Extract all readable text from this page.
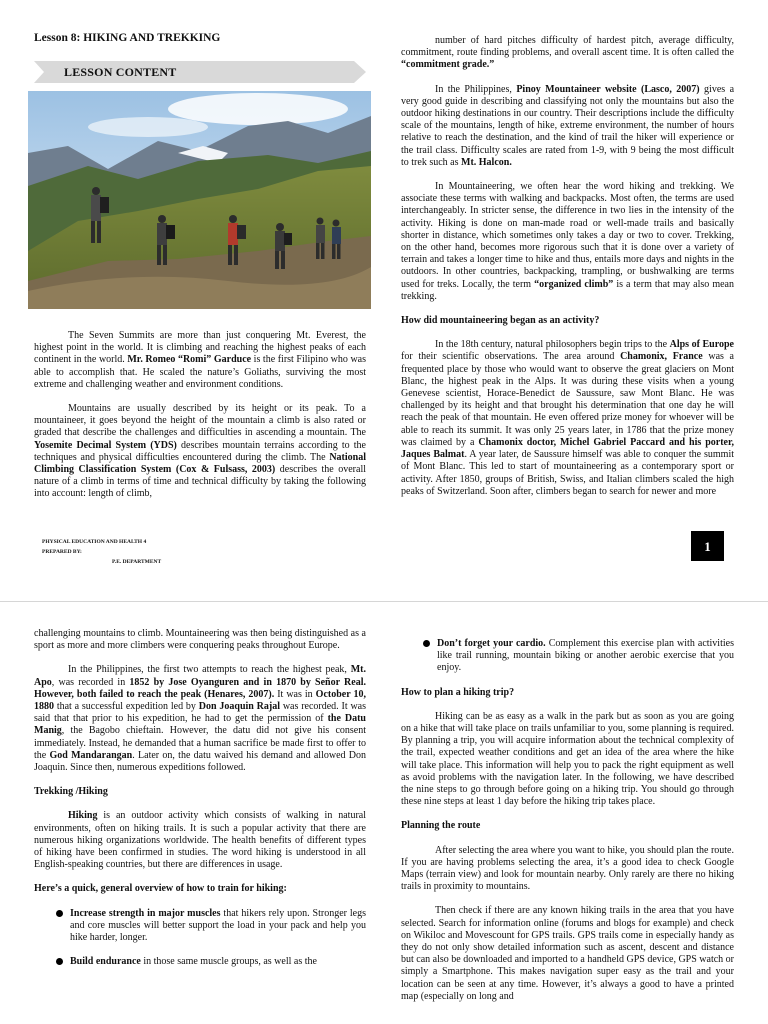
Lesson 8: HIKING AND TREKKING
LESSON CONTENT

The Seven Summits are more than just conquering Mt. Everest, the highest point in the world. It is climbing and reaching the highest peaks of each continent in the world. Mr. Romeo “Romi” Garduce is the first Filipino who was able to accomplish that. He scaled the nature’s Goliaths, surviving the most extreme and challenging weather and environment conditions.

Mountains are usually described by its height or its peak. To a mountaineer, it goes beyond the height of the mountain a climb is also rated or graded that describe the challenges and difficulties in ascending a mountain. The Yosemite Decimal System (YDS) describes mountain terrains according to the techniques and physical difficulties encountered during the climb. The National Climbing Classification System (Cox & Fulsass, 2003) describes the overall nature of a climb in terms of time and technical difficulty by taking the following into account: length of climb,

number of hard pitches difficulty of hardest pitch, average difficulty, commitment, route finding problems, and overall ascent time. It is often called the “commitment grade.”

In the Philippines, Pinoy Mountaineer website (Lasco, 2007) gives a very good guide in describing and classifying not only the mountains but also the outdoor hiking destinations in our country. Their descriptions include the difficulty scale of the mountains, length of hike, extreme environment, the number of hours relative to reach the destination, and the kind of trail the hiker will experience or the trail class. Difficulty scales are rated from 1-9, with 9 being the most difficult to trek such as Mt. Halcon.

In Mountaineering, we often hear the word hiking and trekking. We associate these terms with walking and backpacks. Most often, the terms are used interchangeably. In stricter sense, the difference in two lies in the intensity of the activity. Hiking is done on man-made road or well-made trails and basically shorter in distance, which sometimes only takes a day or two to cover. Trekking, on the other hand, becomes more rigorous such that it is done over a variety of terrain and takes a longer time to hike and thus, entails more days and nights in the outdoors. In other countries, backpacking, trampling, or bushwalking are terms used for treks. Locally, the term “organized climb” is a term that may also mean trekking.

How did mountaineering began as an activity?

In the 18th century, natural philosophers begin trips to the Alps of Europe for their scientific observations. The area around Chamonix, France was a frequented place by those who would want to observe the great glaciers on Mont Blanc, the highest peak in the Alps. It was during these visits when a young Genevese scientist, Horace-Benedict de Saussure, saw Mont Blanc. He was challenged by its height and that brought his determination that one day he will reach the peak of that mountain. He even offered prize money for whoever will be able to reach its summit. It was only 25 years later, in 1786 that the prize money was claimed by a Chamonix doctor, Michel Gabriel Paccard and his porter, Jaques Balmat. A year later, de Saussure himself was able to conquer the summit of Mont Blanc. This led to start of mountaineering as a contemporary sport or activity. After 1850, groups of British, Swiss, and Italian climbers scaled the high peaks of Switzerland. Soon after, climbers began to search for newer and more

PHYSICAL EDUCATION AND HEALTH 4
PREPARED BY:
P.E. DEPARTMENT
1

challenging mountains to climb. Mountaineering was then being distinguished as a sport as more and more climbers were conquering peaks throughout Europe.

In the Philippines, the first two attempts to reach the highest peak, Mt. Apo, was recorded in 1852 by Jose Oyanguren and in 1870 by Señor Real. However, both failed to reach the peak (Henares, 2007). It was in October 10, 1880 that a successful expedition led by Don Joaquin Rajal was recorded. It was said that that prior to his expedition, he had to get the permission of the Datu Manig, the Bagobo chieftain. However, the datu did not give his consent immediately. Instead, he demanded that a human sacrifice be made first to offer to the God Mandarangan. Later on, the datu waived his demand and allowed Don Joaquin. Since then, numerous expeditions followed.

Trekking /Hiking

Hiking is an outdoor activity which consists of walking in natural environments, often on hiking trails. It is such a popular activity that there are numerous hiking organizations worldwide. The health benefits of different types of hiking have been confirmed in studies. The word hiking is understood in all English-speaking countries, but there are differences in usage.

Here’s a quick, general overview of how to train for hiking:
Increase strength in major muscles that hikers rely upon. Stronger legs and core muscles will better support the load in your pack and help you hike harder, longer.
Build endurance in those same muscle groups, as well as the
Don’t forget your cardio. Complement this exercise plan with activities like trail running, mountain biking or another aerobic exercise that you enjoy.
How to plan a hiking trip?

Hiking can be as easy as a walk in the park but as soon as you are going on a hike that will take place on trails unfamiliar to you, some planning is required. By planning a trip, you will acquire information about the technical complexity of the trail, expected weather conditions and get an idea of the area where the hike will take place. This information will help you to pack the right equipment as well as avoid problems with the navigation later. In the following, we have described the nine steps to go through before going on a hiking trip. You should go through these nine steps at least 1 day before the hiking trip takes place.

Planning the route

After selecting the area where you want to hike, you should plan the route. If you are having problems selecting the area, it’s a good idea to check Google Maps (terrain view) and look for mountain nearby. Only rarely are there no hiking trails in proximity to mountains.

Then check if there are any known hiking trails in the area that you have selected. Search for information online (forums and blogs for example) and check on Wikiloc and Movescount for GPS trails. GPS trails come in especially handy as they do not only show detailed information such as ascent, descent and distance but can also be downloaded and imported to a handheld GPS device, GPS watch or simply a Smartphone. This makes navigation super easy as the trail and your location can be seen at any time. However, it’s always a good to have a printed map (especially on long and
